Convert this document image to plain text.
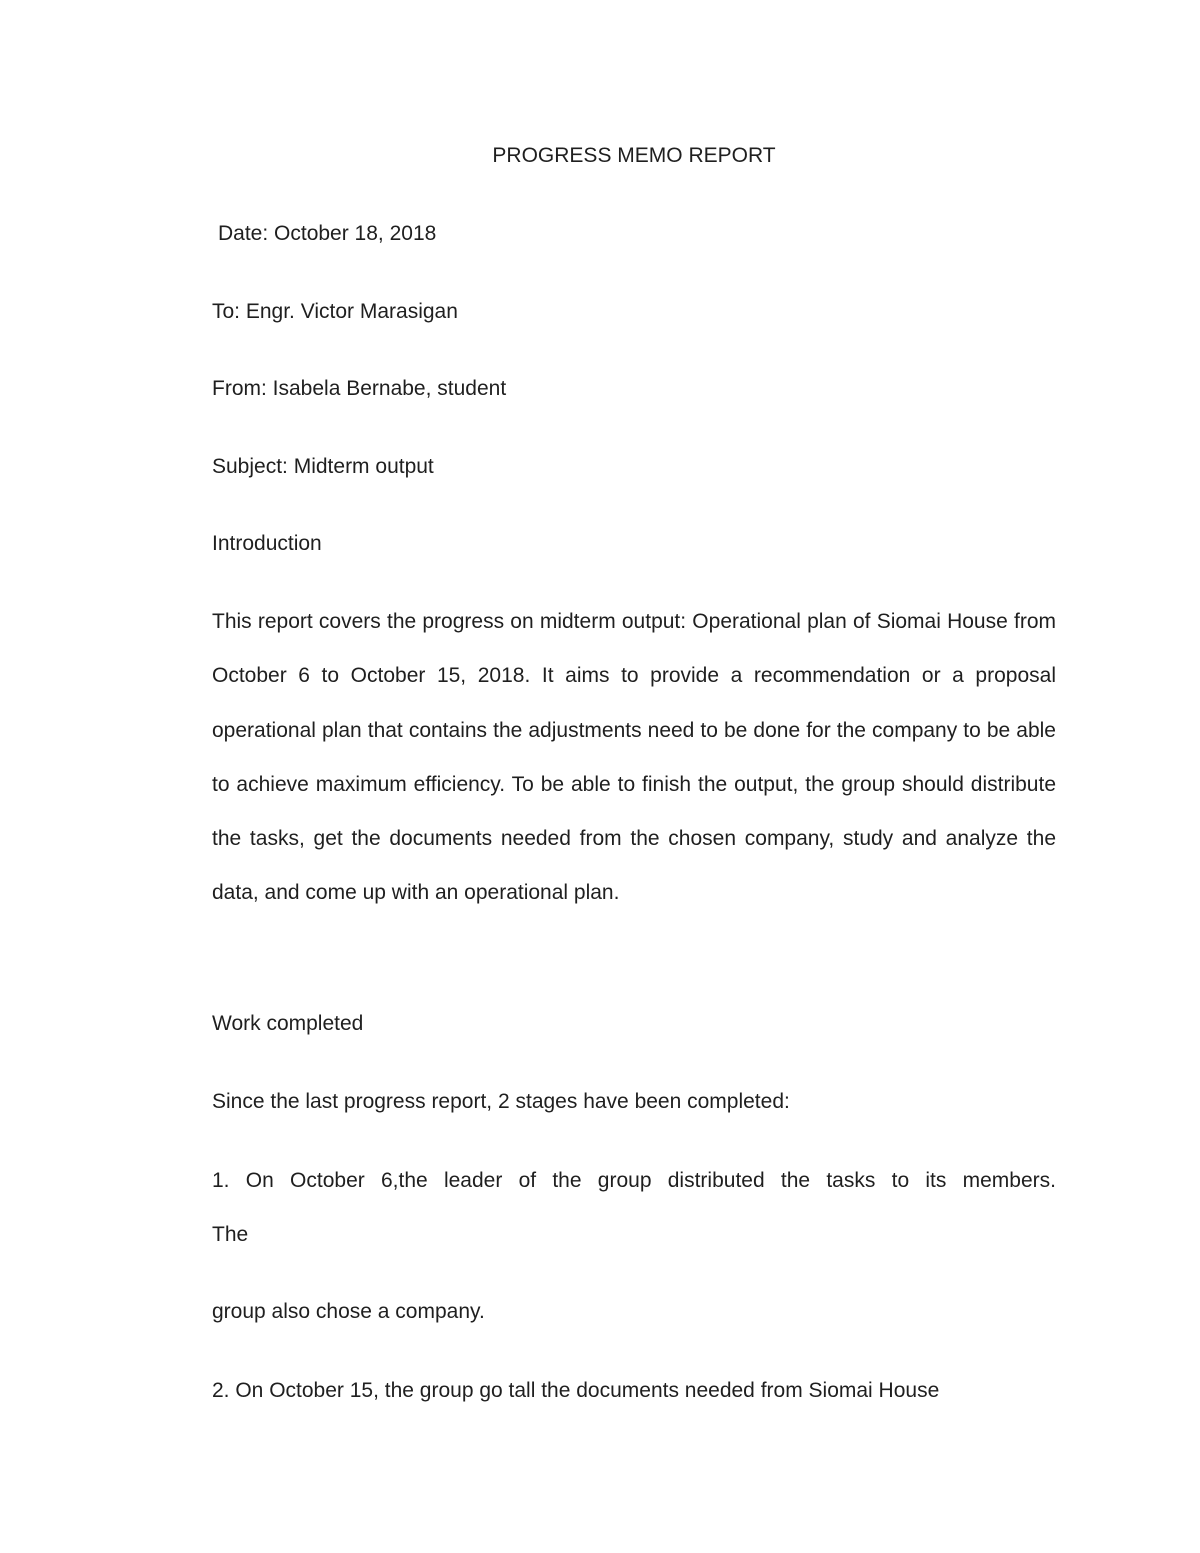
PROGRESS MEMO REPORT
Date: October 18, 2018
To: Engr. Victor Marasigan
From: Isabela Bernabe, student
Subject: Midterm output
Introduction
This report covers the progress on midterm output: Operational plan of Siomai House from October 6 to October 15, 2018. It aims to provide a recommendation or a proposal operational plan that contains the adjustments need to be done for the company to be able to achieve maximum efficiency. To be able to finish the output, the group should distribute the tasks, get the documents needed from the chosen company, study and analyze the data, and come up with an operational plan.
Work completed
Since the last progress report, 2 stages have been completed:
1. On October 6,the leader of the group distributed the tasks to its members.
The
group also chose a company.
2. On October 15, the group go tall the documents needed from Siomai House
